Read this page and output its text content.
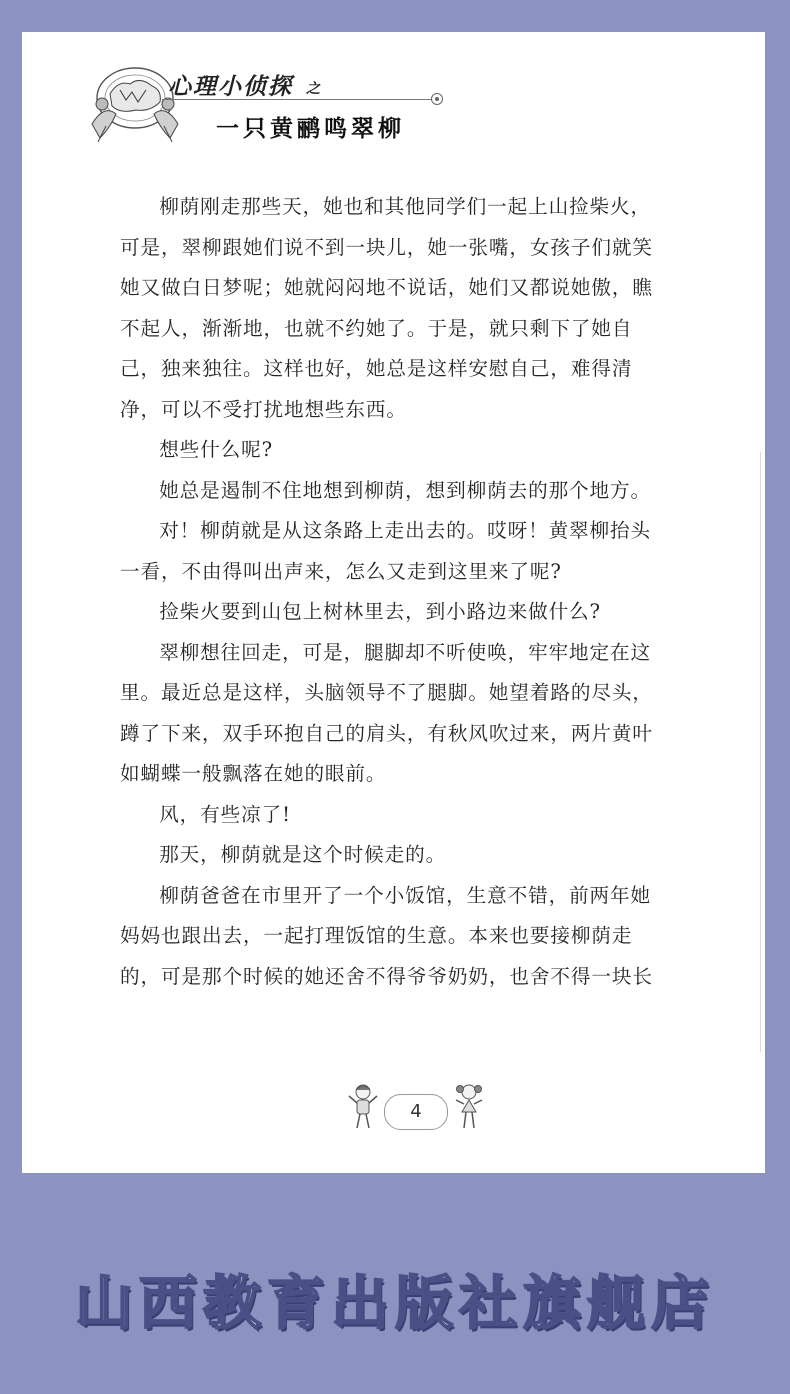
心理小侦探 之
一只黄鹂鸣翠柳

柳荫刚走那些天，她也和其他同学们一起上山捡柴火，
可是，翠柳跟她们说不到一块儿，她一张嘴，女孩子们就笑
她又做白日梦呢；她就闷闷地不说话，她们又都说她傲，瞧
不起人，渐渐地，也就不约她了。于是，就只剩下了她自
己，独来独往。这样也好，她总是这样安慰自己，难得清
净，可以不受打扰地想些东西。

想些什么呢?

她总是遏制不住地想到柳荫，想到柳荫去的那个地方。

对！柳荫就是从这条路上走出去的。哎呀！黄翠柳抬头
一看，不由得叫出声来，怎么又走到这里来了呢?

捡柴火要到山包上树林里去，到小路边来做什么?

翠柳想往回走，可是，腿脚却不听使唤，牢牢地定在这
里。最近总是这样，头脑领导不了腿脚。她望着路的尽头，
蹲了下来，双手环抱自己的肩头，有秋风吹过来，两片黄叶
如蝴蝶一般飘落在她的眼前。

风，有些凉了!

那天，柳荫就是这个时候走的。

柳荫爸爸在市里开了一个小饭馆，生意不错，前两年她
妈妈也跟出去，一起打理饭馆的生意。本来也要接柳荫走
的，可是那个时候的她还舍不得爷爷奶奶，也舍不得一块长

4
山西教育出版社旗舰店
